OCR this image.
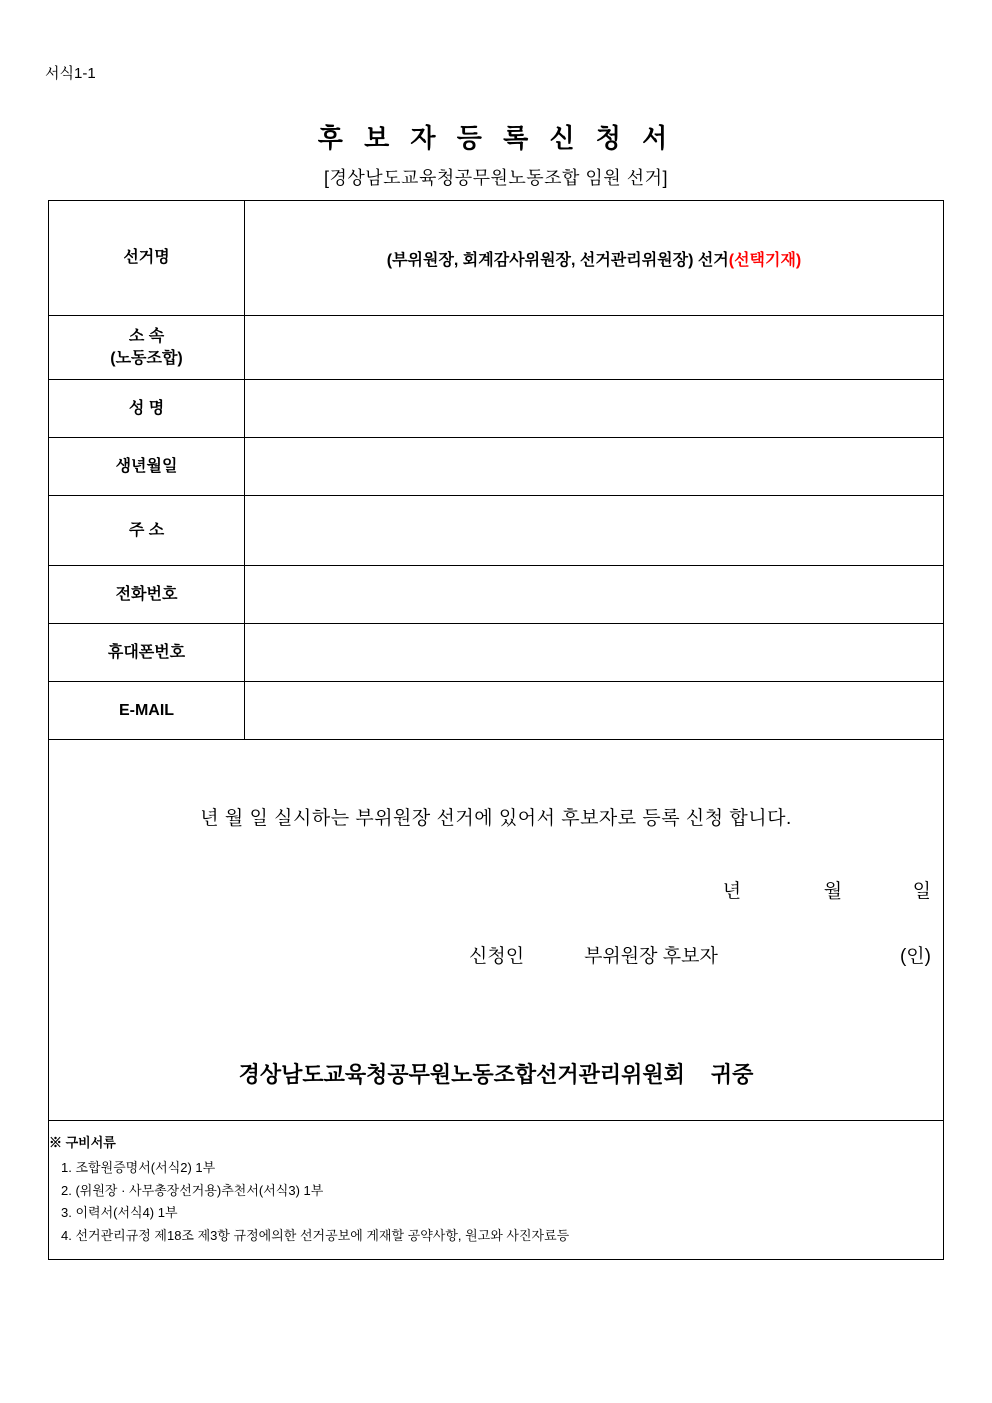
서식1-1
후 보 자 등 록 신 청 서
[경상남도교육청공무원노동조합 임원 선거]
선거명	(부위원장, 회계감사위원장, 선거관리위원장) 선거(선택기재)

소 속
(노동조합)	

성 명	
생년월일	
주 소	
전화번호	
휴대폰번호	
E-MAIL	

년 월 일 실시하는 부위원장 선거에 있어서 후보자로 등록 신청 합니다.
년	월	일
신청인	부위원장 후보자	(인)
경상남도교육청공무원노동조합선거관리위원회 귀중

※ 구비서류
1. 조합원증명서(서식2) 1부
2. (위원장 · 사무총장선거용)추천서(서식3) 1부
3. 이력서(서식4) 1부
4. 선거관리규정 제18조 제3항 규정에의한 선거공보에 게재할 공약사항, 원고와 사진자료등
